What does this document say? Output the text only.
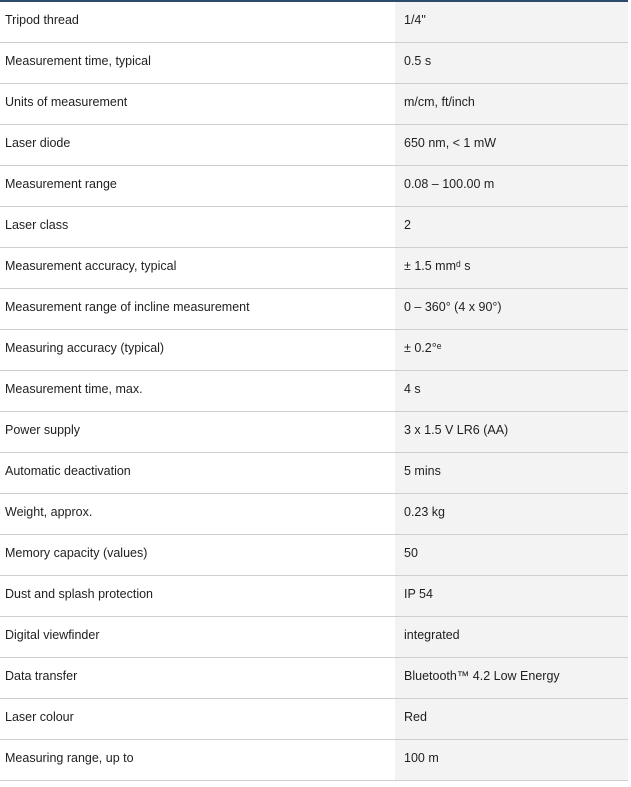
Tripod thread	1/4"
Measurement time, typical	0.5 s
Units of measurement	m/cm, ft/inch
Laser diode	650 nm, < 1 mW
Measurement range	0.08 – 100.00 m
Laser class	2
Measurement accuracy, typical	± 1.5 mmᵈ s
Measurement range of incline measurement	0 – 360° (4 x 90°)
Measuring accuracy (typical)	± 0.2°ᵉ
Measurement time, max.	4 s
Power supply	3 x 1.5 V LR6 (AA)
Automatic deactivation	5 mins
Weight, approx.	0.23 kg
Memory capacity (values)	50
Dust and splash protection	IP 54
Digital viewfinder	integrated
Data transfer	Bluetooth™ 4.2 Low Energy
Laser colour	Red
Measuring range, up to	100 m
